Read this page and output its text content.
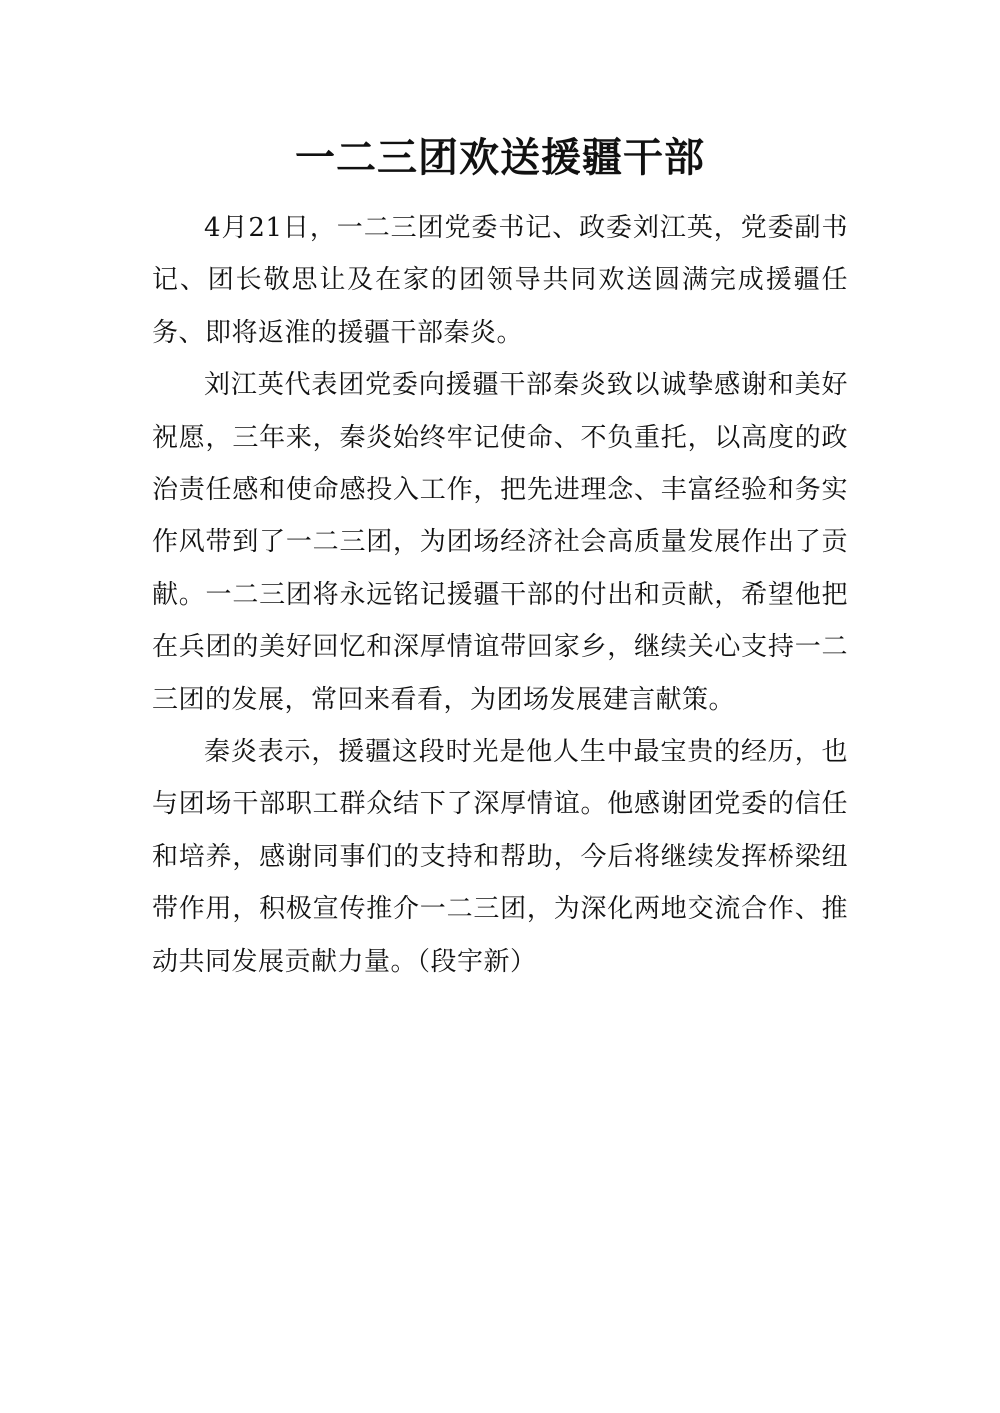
一二三团欢送援疆干部

4月21日，一二三团党委书记、政委刘江英，党委副书记、团长敬思让及在家的团领导共同欢送圆满完成援疆任务、即将返淮的援疆干部秦炎。

刘江英代表团党委向援疆干部秦炎致以诚挚感谢和美好祝愿，三年来，秦炎始终牢记使命、不负重托，以高度的政治责任感和使命感投入工作，把先进理念、丰富经验和务实作风带到了一二三团，为团场经济社会高质量发展作出了贡献。一二三团将永远铭记援疆干部的付出和贡献，希望他把在兵团的美好回忆和深厚情谊带回家乡，继续关心支持一二三团的发展，常回来看看，为团场发展建言献策。

秦炎表示，援疆这段时光是他人生中最宝贵的经历，也与团场干部职工群众结下了深厚情谊。他感谢团党委的信任和培养，感谢同事们的支持和帮助，今后将继续发挥桥梁纽带作用，积极宣传推介一二三团，为深化两地交流合作、推动共同发展贡献力量。（段宇新）
